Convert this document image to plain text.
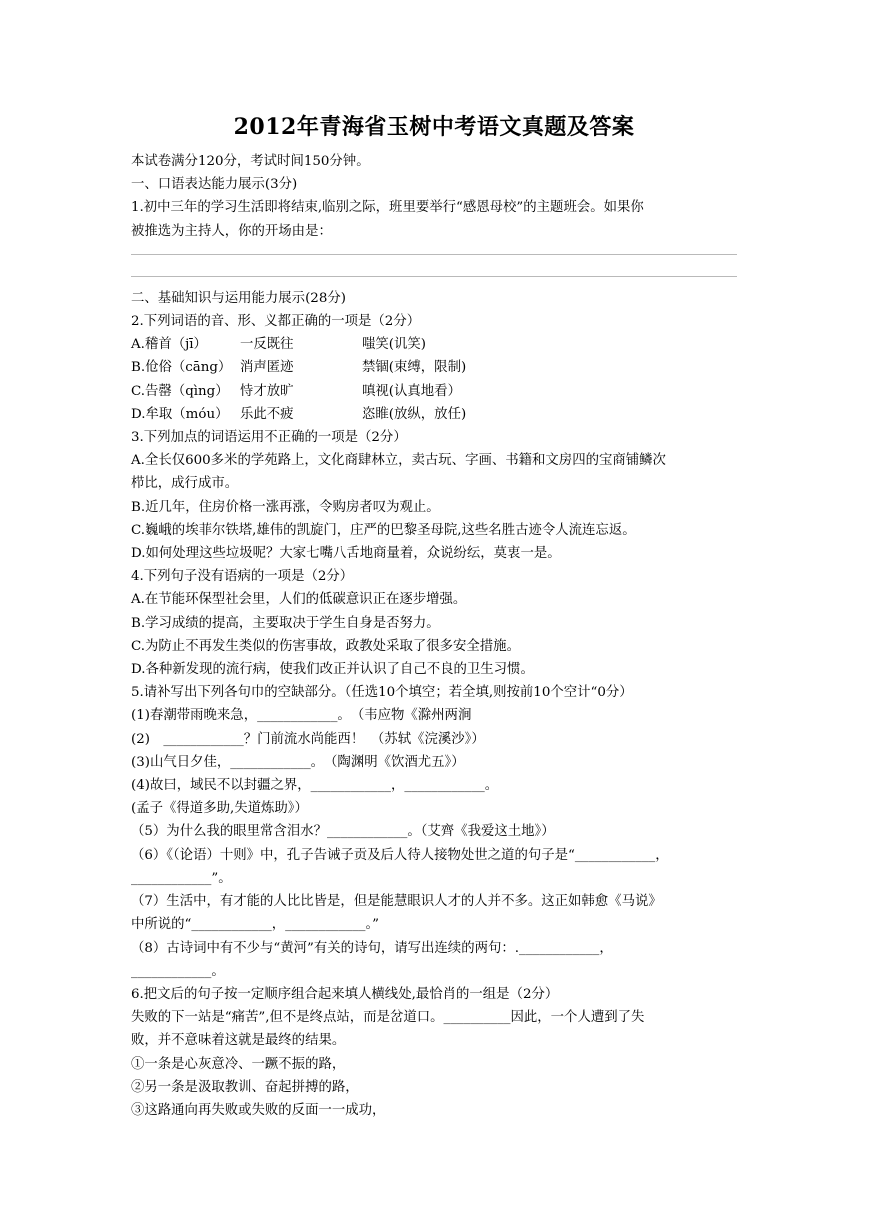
2012年青海省玉树中考语文真题及答案

本试卷满分120分，考试时间150分钟。

一、口语表达能力展示(3分)

1.初中三年的学习生活即将结束,临别之际，班里要举行“感恩母校”的主题班会。如果你

被推选为主持人，你的开场由是：

二、基础知识与运用能力展示(28分)

2.下列词语的音、形、义都正确的一项是（2分）

A.稽首（jī）	一反既往	嗤笑(讥笑)
B.伧俗（cāng） 消声匿迹	禁锢(束缚，限制)
C.告罄（qìng） 恃才放旷	嗔视(认真地看）
D.牟取（móu） 乐此不疲	恣睢(放纵，放任)

3.下列加点的词语运用不正确的一项是（2分）

A.全长仅600多米的学苑路上，文化商肆林立，卖古玩、字画、书籍和文房四的宝商铺鳞次

栉比，成行成市。

B.近几年，住房价格一涨再涨，令购房者叹为观止。

C.巍峨的埃菲尔铁塔,雄伟的凯旋门，庄严的巴黎圣母院,这些名胜古迹令人流连忘返。

D.如何处理这些垃圾呢？大家七嘴八舌地商量着，众说纷纭，莫衷一是。

4.下列句子没有语病的一项是（2分）

A.在节能环保型社会里，人们的低碳意识正在逐步增强。

B.学习成绩的提高，主要取决于学生自身是否努力。

C.为防止不再发生类似的伤害事故，政教处采取了很多安全措施。

D.各种新发现的流行病，使我们改正并认识了自己不良的卫生习惯。

5.请补写出下列各句巾的空缺部分。（任选10个填空；若全填,则按前10个空计“0分）

(1)春潮带雨晚来急，____________。　（韦应物《滁州两涧

(2)　____________？门前流水尚能西！　（苏轼《浣溪沙》）

(3)山气日夕佳，____________。　（陶渊明《饮酒尤五》）

(4)故曰，域民不以封疆之界，____________，____________。

(孟子《得道多助,失道炼助》）

（5）为什么我的眼里常含泪水？____________。（艾齊《我爱这土地》）

（6）《（论语）十则》中，孔子告诫子贡及后人待人接物处世之道的句子是“____________，

____________”。

（7）生活中，有才能的人比比皆是，但是能慧眼识人才的人并不多。这正如韩愈《马说》

中所说的“____________，____________。”

（8）古诗词中有不少与“黄河”有关的诗句，请写出连续的两句：.____________，

____________。

6.把文后的句子按一定顺序组合起来填人横线处,最恰肖的一组是（2分）

失败的下一站是“痛苦”,但不是终点站，而是岔道口。__________因此，一个人遭到了失

败，并不意味着这就是最终的结果。

①一条是心灰意冷、一蹶不振的路，

②另一条是汲取教训、奋起拼搏的路，

③这路通向再失败或失败的反面一一成功，
